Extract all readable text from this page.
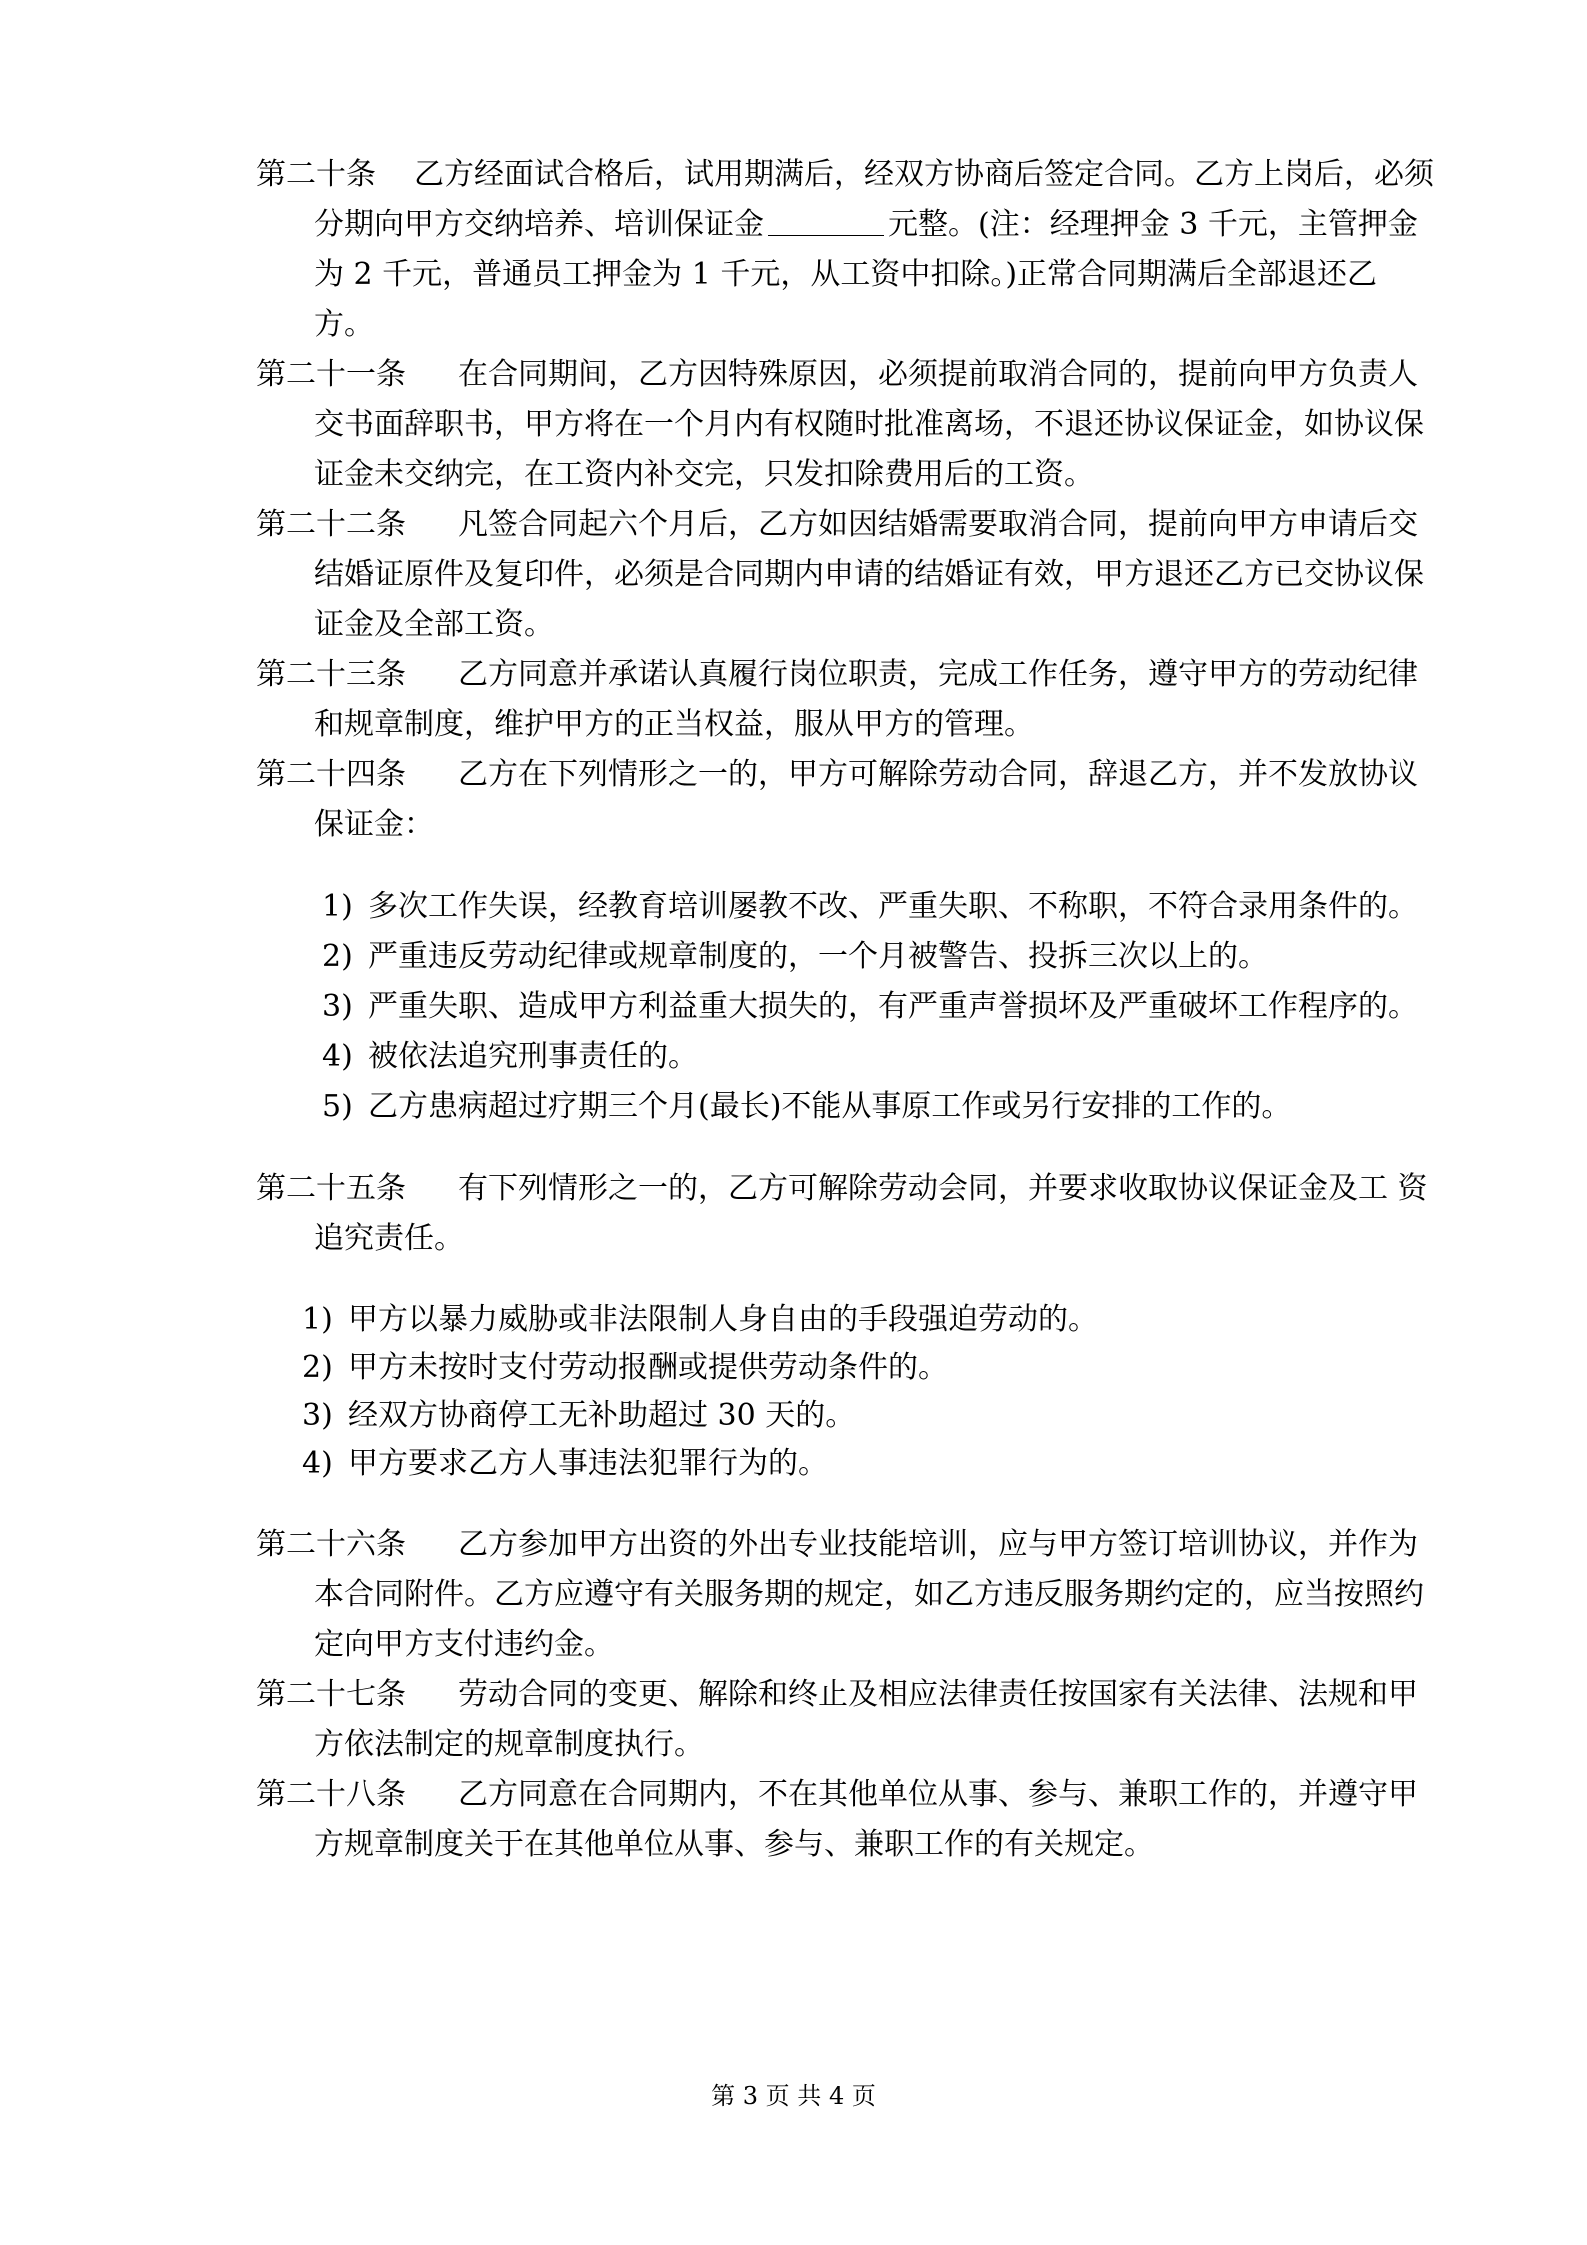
第二十条 乙方经面试合格后，试用期满后，经双方协商后签定合同。乙方上岗后，必须分期向甲方交纳培养、培训保证金	元整。(注：经理押金 3 千元，主管押金为 2 千元，普通员工押金为 1 千元，从工资中扣除。)正常合同期满后全部退还乙方。

第二十一条 在合同期间，乙方因特殊原因，必须提前取消合同的，提前向甲方负责人交书面辞职书，甲方将在一个月内有权随时批准离场，不退还协议保证金，如协议保证金未交纳完，在工资内补交完，只发扣除费用后的工资。

第二十二条 凡签合同起六个月后，乙方如因结婚需要取消合同，提前向甲方申请后交结婚证原件及复印件，必须是合同期内申请的结婚证有效，甲方退还乙方已交协议保证金及全部工资。

第二十三条 乙方同意并承诺认真履行岗位职责，完成工作任务，遵守甲方的劳动纪律和规章制度，维护甲方的正当权益，服从甲方的管理。

第二十四条 乙方在下列情形之一的，甲方可解除劳动合同，辞退乙方，并不发放协议保证金：

1) 多次工作失误，经教育培训屡教不改、严重失职、不称职，不符合录用条件的。
2) 严重违反劳动纪律或规章制度的，一个月被警告、投拆三次以上的。
3) 严重失职、造成甲方利益重大损失的，有严重声誉损坏及严重破坏工作程序的。
4) 被依法追究刑事责任的。
5) 乙方患病超过疗期三个月(最长)不能从事原工作或另行安排的工作的。

第二十五条 有下列情形之一的，乙方可解除劳动会同，并要求收取协议保证金及工 资追究责任。

1) 甲方以暴力威胁或非法限制人身自由的手段强迫劳动的。
2) 甲方未按时支付劳动报酬或提供劳动条件的。
3) 经双方协商停工无补助超过 30 天的。
4) 甲方要求乙方人事违法犯罪行为的。

第二十六条 乙方参加甲方出资的外出专业技能培训，应与甲方签订培训协议，并作为本合同附件。乙方应遵守有关服务期的规定，如乙方违反服务期约定的，应当按照约定向甲方支付违约金。

第二十七条 劳动合同的变更、解除和终止及相应法律责任按国家有关法律、法规和甲方依法制定的规章制度执行。

第二十八条 乙方同意在合同期内，不在其他单位从事、参与、兼职工作的，并遵守甲方规章制度关于在其他单位从事、参与、兼职工作的有关规定。

第 3 页 共 4 页
